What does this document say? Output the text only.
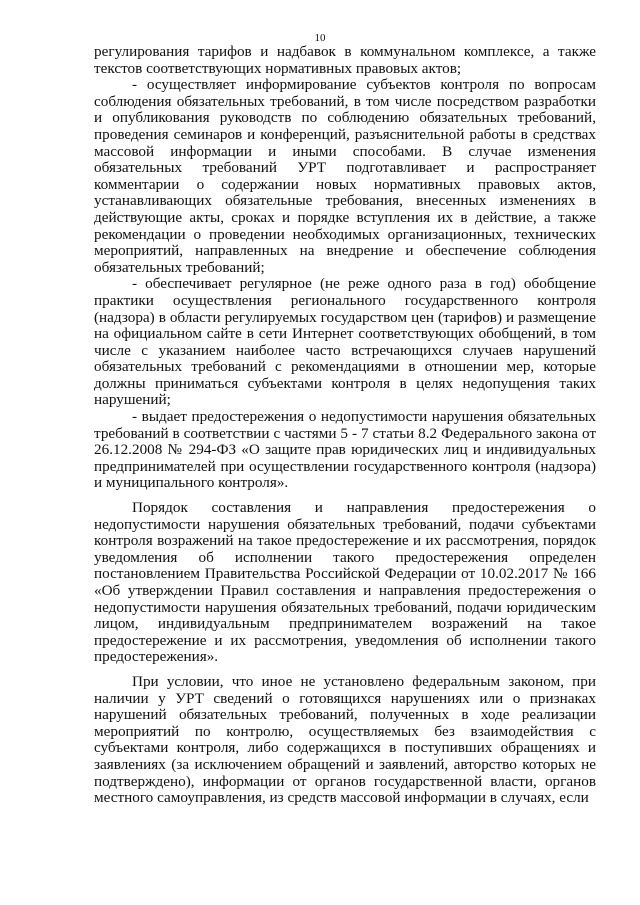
10

регулирования тарифов и надбавок в коммунальном комплексе, а также текстов соответствующих нормативных правовых актов;

- осуществляет информирование субъектов контроля по вопросам соблюдения обязательных требований, в том числе посредством разработки и опубликования руководств по соблюдению обязательных требований, проведения семинаров и конференций, разъяснительной работы в средствах массовой информации и иными способами. В случае изменения обязательных требований УРТ подготавливает и распространяет комментарии о содержании новых нормативных правовых актов, устанавливающих обязательные требования, внесенных изменениях в действующие акты, сроках и порядке вступления их в действие, а также рекомендации о проведении необходимых организационных, технических мероприятий, направленных на внедрение и обеспечение соблюдения обязательных требований;

- обеспечивает регулярное (не реже одного раза в год) обобщение практики осуществления регионального государственного контроля (надзора) в области регулируемых государством цен (тарифов) и размещение на официальном сайте в сети Интернет соответствующих обобщений, в том числе с указанием наиболее часто встречающихся случаев нарушений обязательных требований с рекомендациями в отношении мер, которые должны приниматься субъектами контроля в целях недопущения таких нарушений;

- выдает предостережения о недопустимости нарушения обязательных требований в соответствии с частями 5 - 7 статьи 8.2 Федерального закона от 26.12.2008 № 294-ФЗ «О защите прав юридических лиц и индивидуальных предпринимателей при осуществлении государственного контроля (надзора) и муниципального контроля».

Порядок составления и направления предостережения о недопустимости нарушения обязательных требований, подачи субъектами контроля возражений на такое предостережение и их рассмотрения, порядок уведомления об исполнении такого предостережения определен постановлением Правительства Российской Федерации от 10.02.2017 № 166 «Об утверждении Правил составления и направления предостережения о недопустимости нарушения обязательных требований, подачи юридическим лицом, индивидуальным предпринимателем возражений на такое предостережение и их рассмотрения, уведомления об исполнении такого предостережения».

При условии, что иное не установлено федеральным законом, при наличии у УРТ сведений о готовящихся нарушениях или о признаках нарушений обязательных требований, полученных в ходе реализации мероприятий по контролю, осуществляемых без взаимодействия с субъектами контроля, либо содержащихся в поступивших обращениях и заявлениях (за исключением обращений и заявлений, авторство которых не подтверждено), информации от органов государственной власти, органов местного самоуправления, из средств массовой информации в случаях, если
